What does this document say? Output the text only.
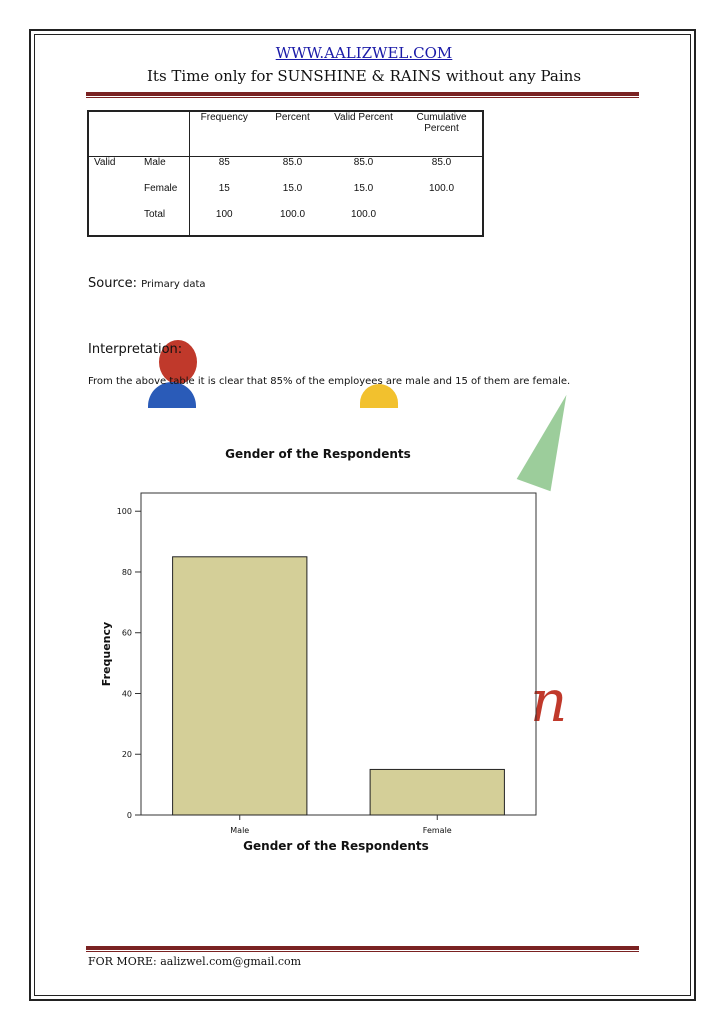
WWW.AALIZWEL.COM
Its Time only for SUNSHINE & RAINS without any Pains
n
		Frequency	Percent	Valid Percent	Cumulative Percent
Valid	Male	85	85.0	85.0	85.0
	Female	15	15.0	15.0	100.0
	Total	100	100.0	100.0	
Source: Primary data
Interpretation:
From the above table it is clear that 85% of the employees are male and 15 of them are female.
Gender of the Respondents
0
20
40
60
80
100
Male	Female
Frequency
Gender of the Respondents
FOR MORE: aalizwel.com@gmail.com
